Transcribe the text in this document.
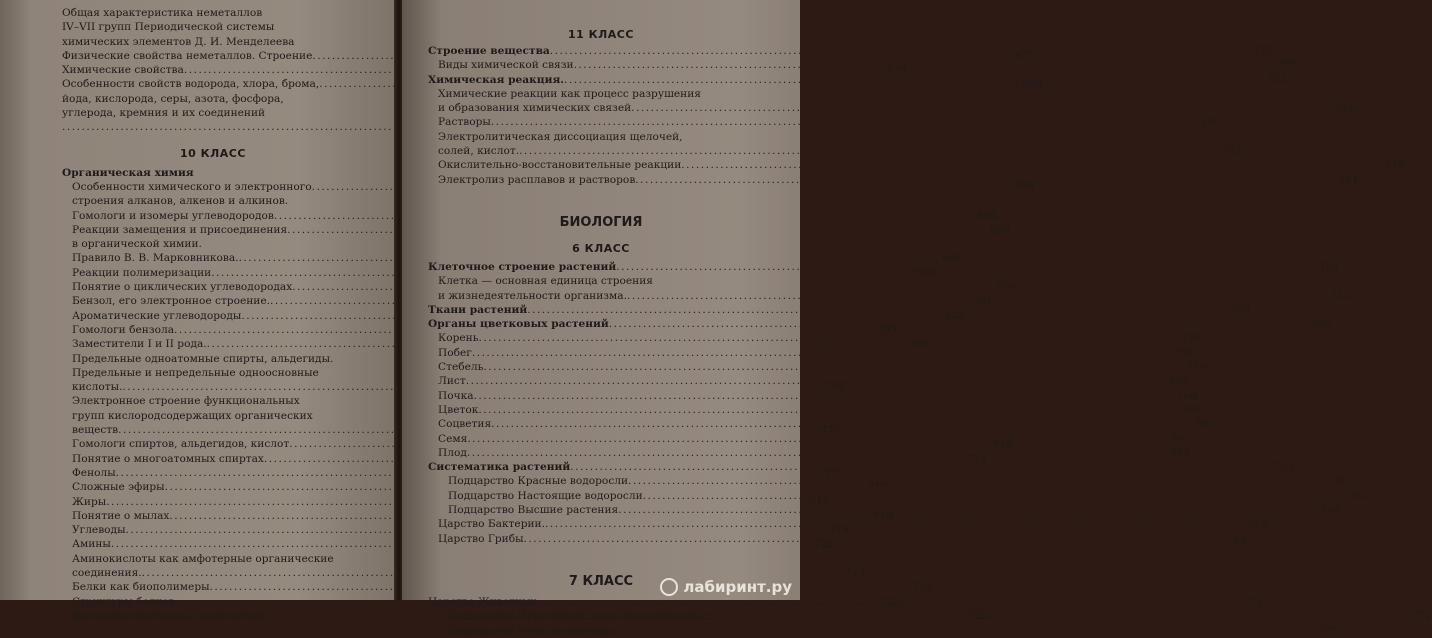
Общая характеристика неметаллов
IV–VII групп Периодической системы
химических элементов Д. И. Менделеева
Физические свойства неметаллов. Строение .....	677
Химические свойства .....	679
Особенности свойств водорода, хлора, брома, .....	680
йода, кислорода, серы, азота, фосфора,
углерода, кремния и их соединений
.....
10 КЛАСС
Органическая химия
Особенности химического и электронного .....	694
строения алканов, алкенов и алкинов.
Гомологи и изомеры углеводородов .....	694
Реакции замещения и присоединения .....	696
в органической химии.
Правило В. В. Марковникова. .....	698
Реакции полимеризации .....	700
Понятие о циклических углеводородах .....	700
Бензол, его электронное строение. .....	701
Ароматические углеводороды .....	702
Гомологи бензола .....	703
Заместители I и II рода. .....	705
Предельные одноатомные спирты, альдегиды.
Предельные и непредельные одноосновные
кислоты. .....	706
Электронное строение функциональных
групп кислородсодержащих органических
веществ .....	711
Гомологи спиртов, альдегидов, кислот .....	712
Понятие о многоатомных спиртах .....	714
Фенолы .....	715
Сложные эфиры .....	717
Жиры .....	718
Понятие о мылах .....	719
Углеводы .....	719
Амины .....	722
Аминокислоты как амфотерные органические
соединения. .....	723
Белки как биополимеры .....	724
Структуры белков. .....	725
Высокомолекулярные соединения .....	725
11 КЛАСС
Строение вещества .....	727
Виды химической связи .....	727
Химическая реакция. .....	734
Химические реакции как процесс разрушения
и образования химических связей .....	734
Растворы .....	739
Электролитическая диссоциация щелочей,
солей, кислот. .....	742
Окислительно-восстановительные реакции .....	749
Электролиз расплавов и растворов .....	751
БИОЛОГИЯ
6 КЛАСС
Клеточное строение растений .....	754
Клетка — основная единица строения
и жизнедеятельности организма. .....	754
Ткани растений .....	756
Органы цветковых растений .....	757
Корень .....	758
Побег .....	758
Стебель .....	759
Лист .....	759
Почка .....	760
Цветок .....	760
Соцветия .....	761
Семя .....	761
Плод .....	762
Систематика растений .....	763
Подцарство Красные водоросли .....	763
Подцарство Настоящие водоросли .....	763
Подцарство Высшие растения .....	765
Царство Бактерии. .....	768
Царство Грибы .....	768
7 КЛАСС
Царство Животных. .....	772
Подцарство Простейшие, или Одноклеточные .....	772
Подцарство Многоклеточные .....	775
лабиринт.ру
